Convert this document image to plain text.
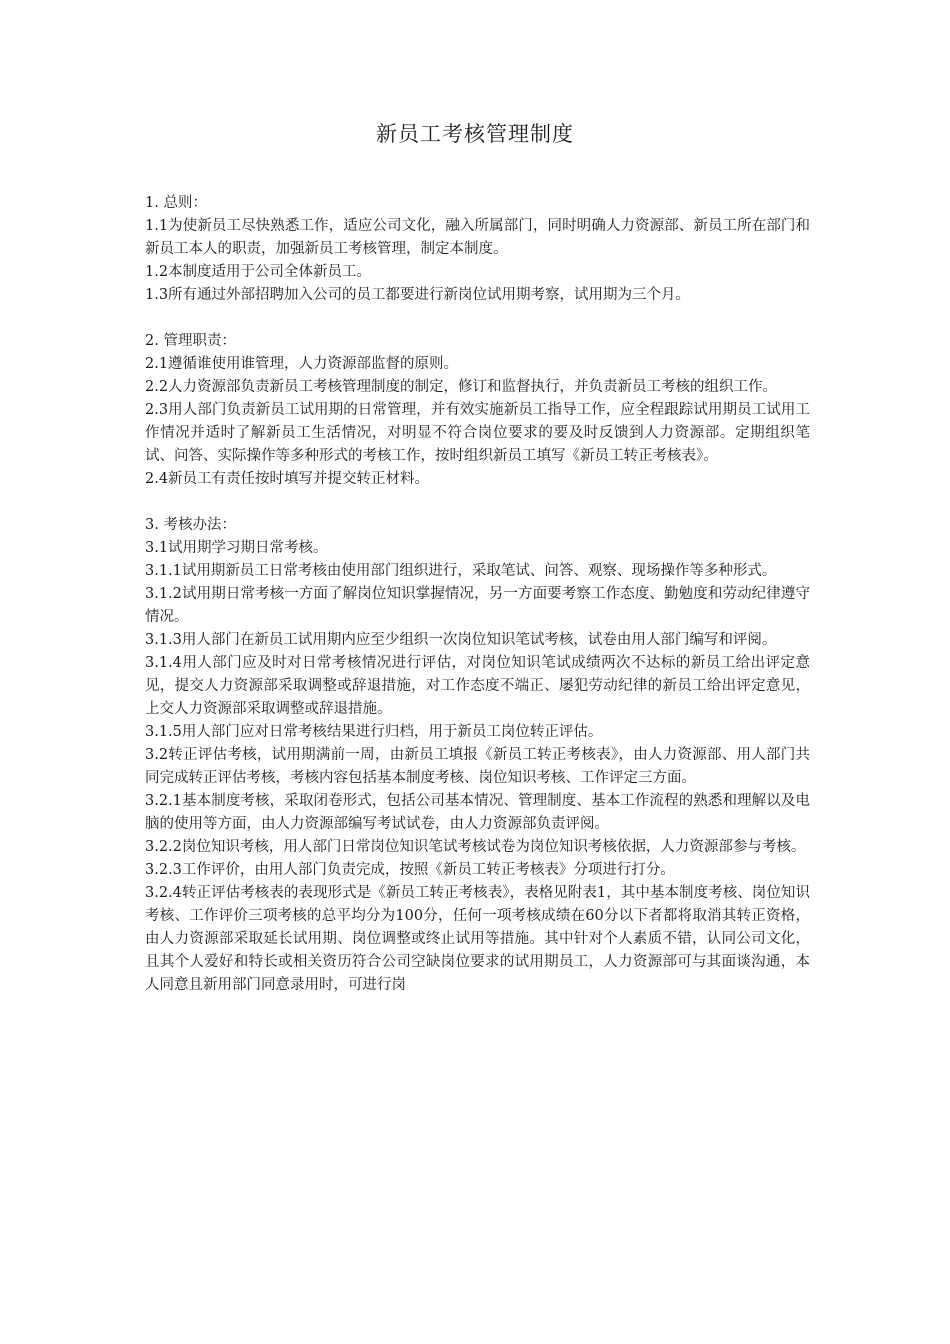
新员工考核管理制度

1. 总则：

1.1为使新员工尽快熟悉工作，适应公司文化，融入所属部门，同时明确人力资源部、新员工所在部门和新员工本人的职责，加强新员工考核管理，制定本制度。

1.2本制度适用于公司全体新员工。

1.3所有通过外部招聘加入公司的员工都要进行新岗位试用期考察，试用期为三个月。

2. 管理职责：

2.1遵循谁使用谁管理，人力资源部监督的原则。

2.2人力资源部负责新员工考核管理制度的制定，修订和监督执行，并负责新员工考核的组织工作。

2.3用人部门负责新员工试用期的日常管理，并有效实施新员工指导工作，应全程跟踪试用期员工试用工作情况并适时了解新员工生活情况，对明显不符合岗位要求的要及时反馈到人力资源部。定期组织笔试、问答、实际操作等多种形式的考核工作，按时组织新员工填写《新员工转正考核表》。

2.4新员工有责任按时填写并提交转正材料。

3. 考核办法：

3.1试用期学习期日常考核。

3.1.1试用期新员工日常考核由使用部门组织进行，采取笔试、问答、观察、现场操作等多种形式。

3.1.2试用期日常考核一方面了解岗位知识掌握情况，另一方面要考察工作态度、勤勉度和劳动纪律遵守情况。

3.1.3用人部门在新员工试用期内应至少组织一次岗位知识笔试考核，试卷由用人部门编写和评阅。

3.1.4用人部门应及时对日常考核情况进行评估，对岗位知识笔试成绩两次不达标的新员工给出评定意见，提交人力资源部采取调整或辞退措施，对工作态度不端正、屡犯劳动纪律的新员工给出评定意见，上交人力资源部采取调整或辞退措施。

3.1.5用人部门应对日常考核结果进行归档，用于新员工岗位转正评估。

3.2转正评估考核，试用期满前一周，由新员工填报《新员工转正考核表》，由人力资源部、用人部门共同完成转正评估考核，考核内容包括基本制度考核、岗位知识考核、工作评定三方面。

3.2.1基本制度考核，采取闭卷形式，包括公司基本情况、管理制度、基本工作流程的熟悉和理解以及电脑的使用等方面，由人力资源部编写考试试卷，由人力资源部负责评阅。

3.2.2岗位知识考核，用人部门日常岗位知识笔试考核试卷为岗位知识考核依据，人力资源部参与考核。

3.2.3工作评价，由用人部门负责完成，按照《新员工转正考核表》分项进行打分。

3.2.4转正评估考核表的表现形式是《新员工转正考核表》，表格见附表1，其中基本制度考核、岗位知识考核、工作评价三项考核的总平均分为100分，任何一项考核成绩在60分以下者都将取消其转正资格，由人力资源部采取延长试用期、岗位调整或终止试用等措施。其中针对个人素质不错，认同公司文化，且其个人爱好和特长或相关资历符合公司空缺岗位要求的试用期员工，人力资源部可与其面谈沟通，本人同意且新用部门同意录用时，可进行岗
